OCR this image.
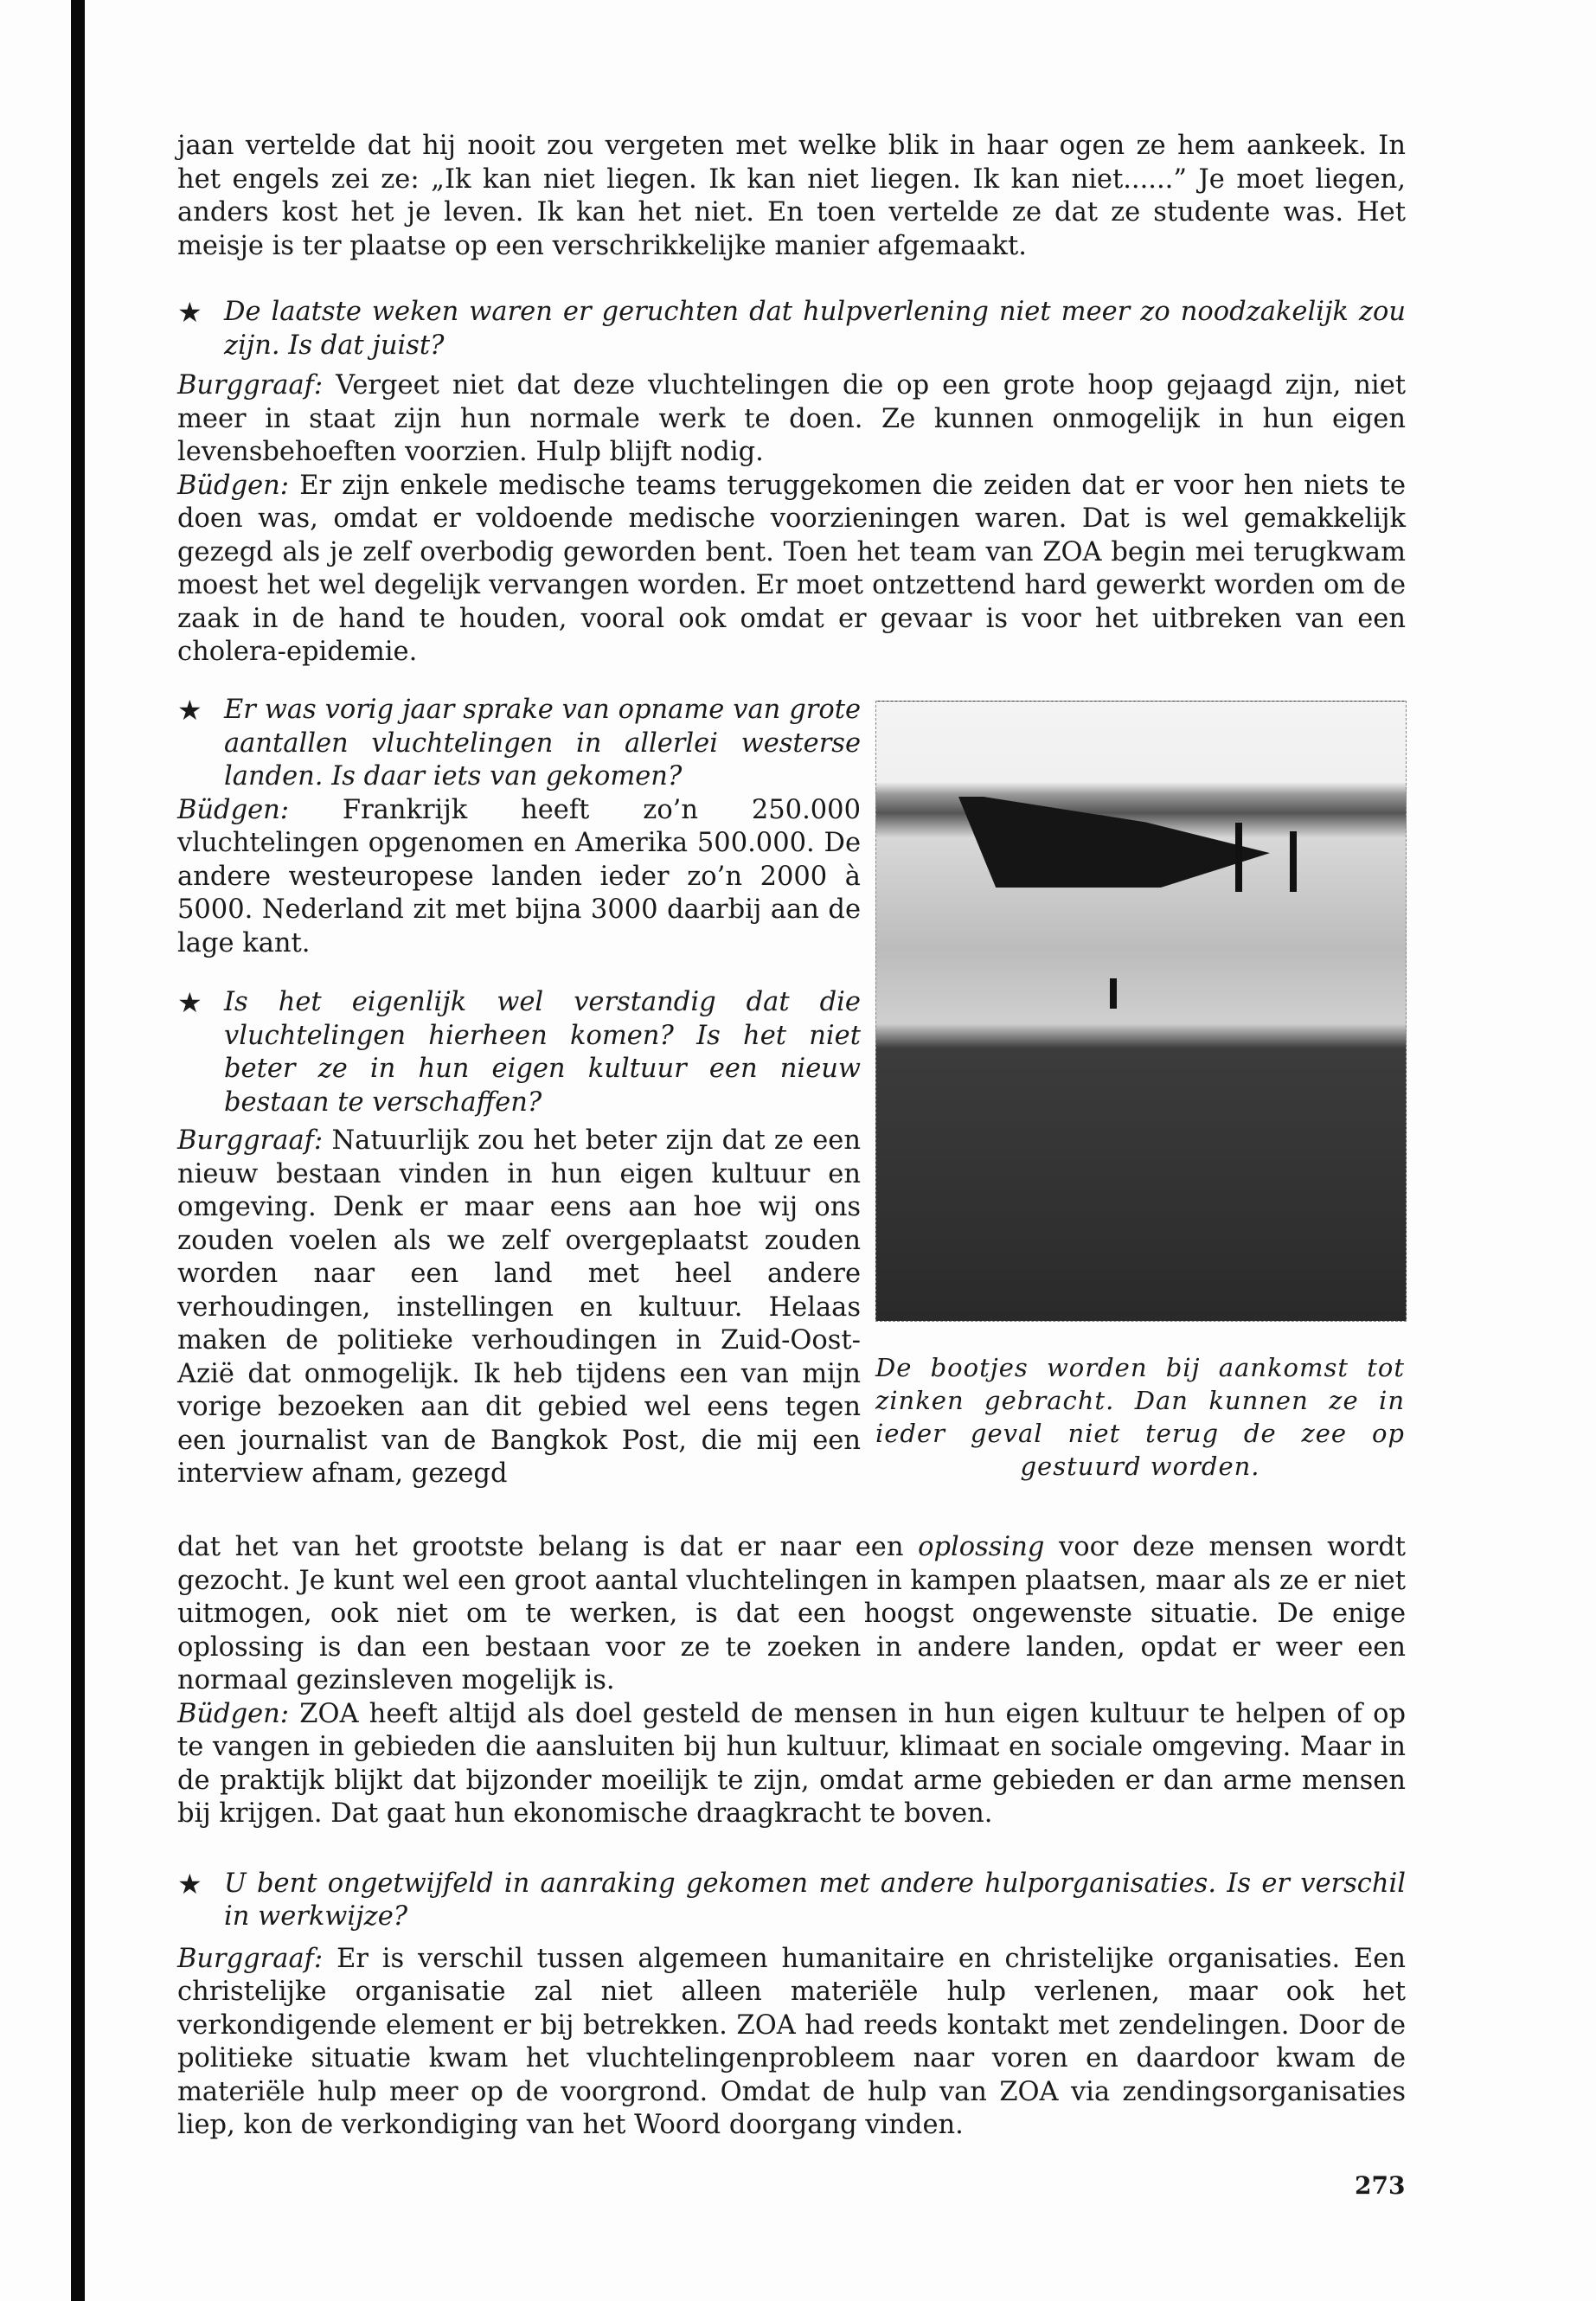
jaan vertelde dat hij nooit zou vergeten met welke blik in haar ogen ze hem aankeek. In het engels zei ze: „Ik kan niet liegen. Ik kan niet liegen. Ik kan niet......” Je moet liegen, anders kost het je leven. Ik kan het niet. En toen vertelde ze dat ze studente was. Het meisje is ter plaatse op een verschrikkelijke manier afgemaakt.

★ De laatste weken waren er geruchten dat hulpverlening niet meer zo noodzakelijk zou zijn. Is dat juist?

Burggraaf: Vergeet niet dat deze vluchtelingen die op een grote hoop gejaagd zijn, niet meer in staat zijn hun normale werk te doen. Ze kunnen onmogelijk in hun eigen levensbehoeften voorzien. Hulp blijft nodig.

Büdgen: Er zijn enkele medische teams teruggekomen die zeiden dat er voor hen niets te doen was, omdat er voldoende medische voorzieningen waren. Dat is wel gemakkelijk gezegd als je zelf overbodig geworden bent. Toen het team van ZOA begin mei terugkwam moest het wel degelijk vervangen worden. Er moet ontzettend hard gewerkt worden om de zaak in de hand te houden, vooral ook omdat er gevaar is voor het uitbreken van een cholera-epidemie.

★ Er was vorig jaar sprake van opname van grote aantallen vluchtelingen in allerlei westerse landen. Is daar iets van gekomen?

Büdgen: Frankrijk heeft zo’n 250.000 vluchtelingen opgenomen en Amerika 500.000. De andere westeuropese landen ieder zo’n 2000 à 5000. Nederland zit met bijna 3000 daarbij aan de lage kant.

★ Is het eigenlijk wel verstandig dat die vluchtelingen hierheen komen? Is het niet beter ze in hun eigen kultuur een nieuw bestaan te verschaffen?

Burggraaf: Natuurlijk zou het beter zijn dat ze een nieuw bestaan vinden in hun eigen kultuur en omgeving. Denk er maar eens aan hoe wij ons zouden voelen als we zelf overgeplaatst zouden worden naar een land met heel andere verhoudingen, instellingen en kultuur. Helaas maken de politieke verhoudingen in Zuid-Oost-Azië dat onmogelijk. Ik heb tijdens een van mijn vorige bezoeken aan dit gebied wel eens tegen een journalist van de Bangkok Post, die mij een interview afnam, gezegd

De bootjes worden bij aankomst tot zinken gebracht. Dan kunnen ze in ieder geval niet terug de zee op gestuurd worden.

dat het van het grootste belang is dat er naar een oplossing voor deze mensen wordt gezocht. Je kunt wel een groot aantal vluchtelingen in kampen plaatsen, maar als ze er niet uitmogen, ook niet om te werken, is dat een hoogst ongewenste situatie. De enige oplossing is dan een bestaan voor ze te zoeken in andere landen, opdat er weer een normaal gezinsleven mogelijk is.

Büdgen: ZOA heeft altijd als doel gesteld de mensen in hun eigen kultuur te helpen of op te vangen in gebieden die aansluiten bij hun kultuur, klimaat en sociale omgeving. Maar in de praktijk blijkt dat bijzonder moeilijk te zijn, omdat arme gebieden er dan arme mensen bij krijgen. Dat gaat hun ekonomische draagkracht te boven.

★ U bent ongetwijfeld in aanraking gekomen met andere hulporganisaties. Is er verschil in werkwijze?

Burggraaf: Er is verschil tussen algemeen humanitaire en christelijke organisaties. Een christelijke organisatie zal niet alleen materiële hulp verlenen, maar ook het verkondigende element er bij betrekken. ZOA had reeds kontakt met zendelingen. Door de politieke situatie kwam het vluchtelingenprobleem naar voren en daardoor kwam de materiële hulp meer op de voorgrond. Omdat de hulp van ZOA via zendingsorganisaties liep, kon de verkondiging van het Woord doorgang vinden.

273
